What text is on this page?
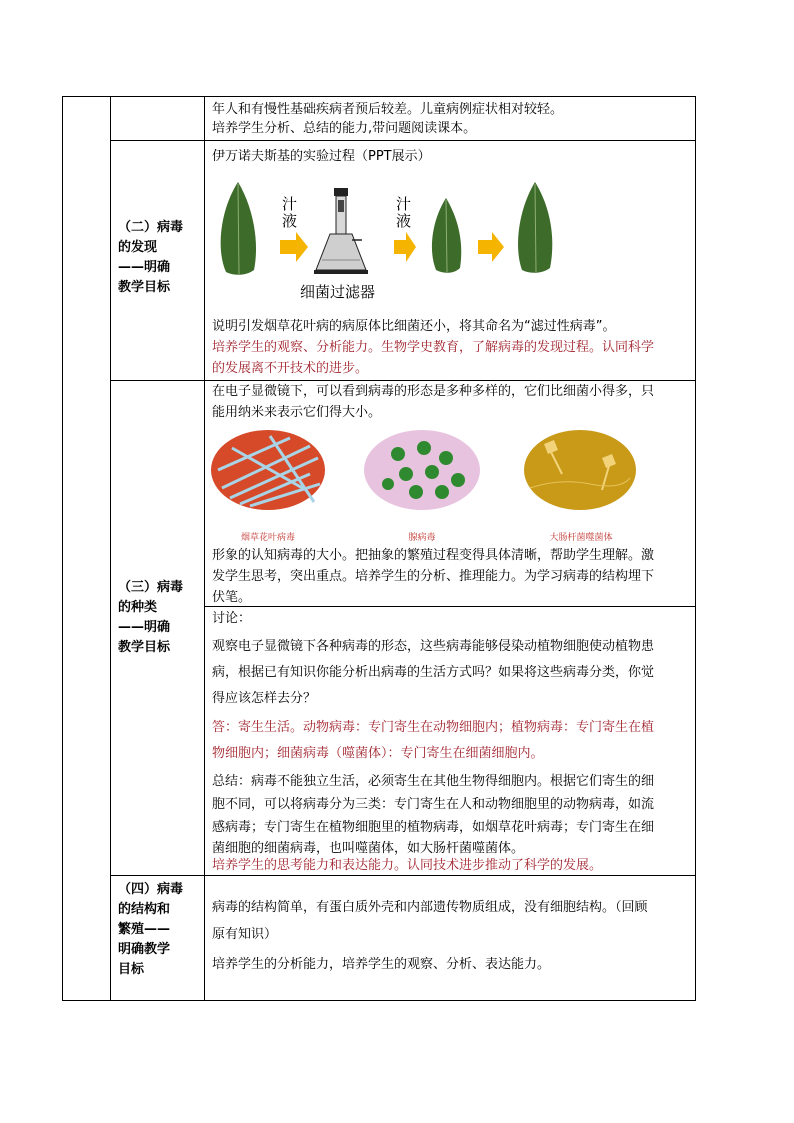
年人和有慢性基础疾病者预后较差。儿童病例症状相对较轻。
培养学生分析、总结的能力,带问题阅读课本。
（二）病毒
的发现
——明确
教学目标
伊万诺夫斯基的实验过程（PPT展示）
汁液
汁液
细菌过滤器
说明引发烟草花叶病的病原体比细菌还小，将其命名为“滤过性病毒”。
培养学生的观察、分析能力。生物学史教育，了解病毒的发现过程。认同科学
的发展离不开技术的进步。
（三）病毒
的种类
——明确
教学目标
在电子显微镜下，可以看到病毒的形态是多种多样的，它们比细菌小得多，只
能用纳米来表示它们得大小。
烟草花叶病毒	腺病毒	大肠杆菌噬菌体
形象的认知病毒的大小。把抽象的繁殖过程变得具体清晰，帮助学生理解。激
发学生思考，突出重点。培养学生的分析、推理能力。为学习病毒的结构埋下
伏笔。
讨论：
观察电子显微镜下各种病毒的形态，这些病毒能够侵染动植物细胞使动植物患
病，根据已有知识你能分析出病毒的生活方式吗？如果将这些病毒分类，你觉
得应该怎样去分？
答：寄生生活。动物病毒：专门寄生在动物细胞内；植物病毒：专门寄生在植
物细胞内；细菌病毒（噬菌体）：专门寄生在细菌细胞内。
总结：病毒不能独立生活，必须寄生在其他生物得细胞内。根据它们寄生的细
胞不同，可以将病毒分为三类：专门寄生在人和动物细胞里的动物病毒，如流
感病毒；专门寄生在植物细胞里的植物病毒，如烟草花叶病毒；专门寄生在细
菌细胞的细菌病毒，也叫噬菌体，如大肠杆菌噬菌体。
培养学生的思考能力和表达能力。认同技术进步推动了科学的发展。
（四）病毒
的结构和
繁殖——
明确教学
目标
病毒的结构简单，有蛋白质外壳和内部遗传物质组成，没有细胞结构。（回顾
原有知识）
培养学生的分析能力，培养学生的观察、分析、表达能力。
